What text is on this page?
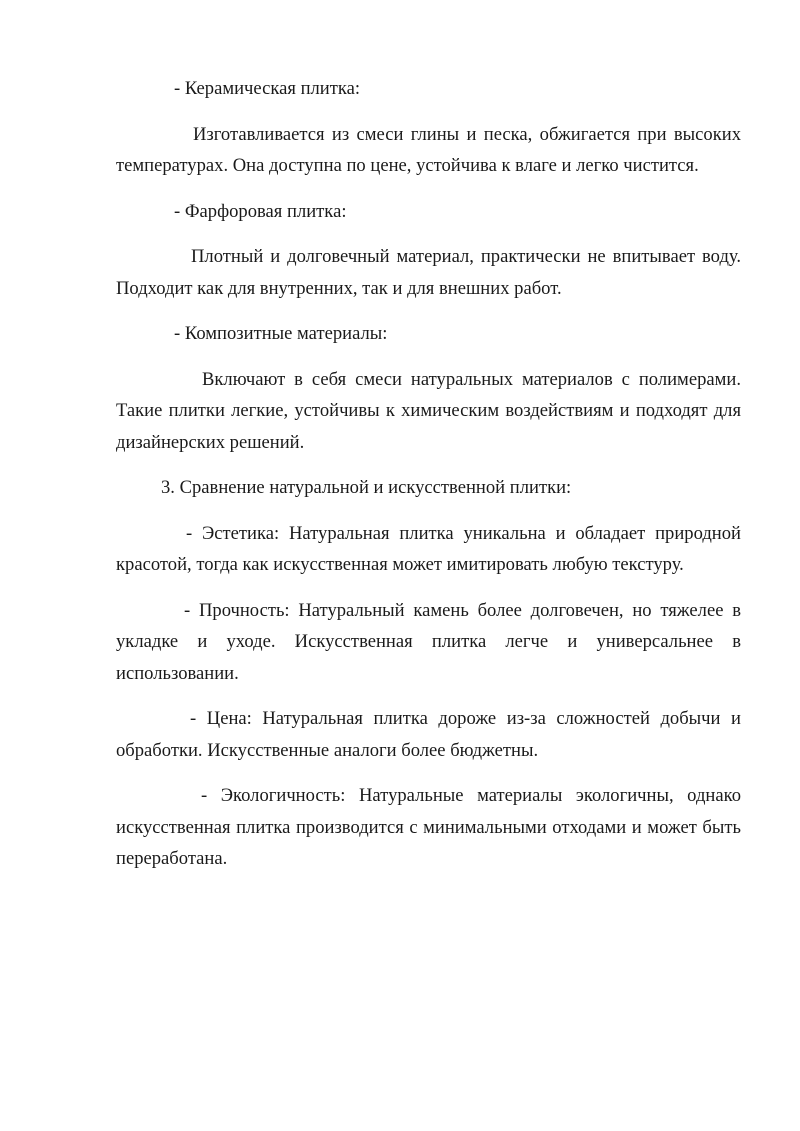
- Керамическая плитка:

Изготавливается из смеси глины и песка, обжигается при высоких температурах. Она доступна по цене, устойчива к влаге и легко чистится.

- Фарфоровая плитка:

Плотный и долговечный материал, практически не впитывает воду. Подходит как для внутренних, так и для внешних работ.

- Композитные материалы:

Включают в себя смеси натуральных материалов с полимерами. Такие плитки легкие, устойчивы к химическим воздействиям и подходят для дизайнерских решений.

3. Сравнение натуральной и искусственной плитки:

- Эстетика: Натуральная плитка уникальна и обладает природной красотой, тогда как искусственная может имитировать любую текстуру.

- Прочность: Натуральный камень более долговечен, но тяжелее в укладке и уходе. Искусственная плитка легче и универсальнее в использовании.

- Цена: Натуральная плитка дороже из-за сложностей добычи и обработки. Искусственные аналоги более бюджетны.

- Экологичность: Натуральные материалы экологичны, однако искусственная плитка производится с минимальными отходами и может быть переработана.
